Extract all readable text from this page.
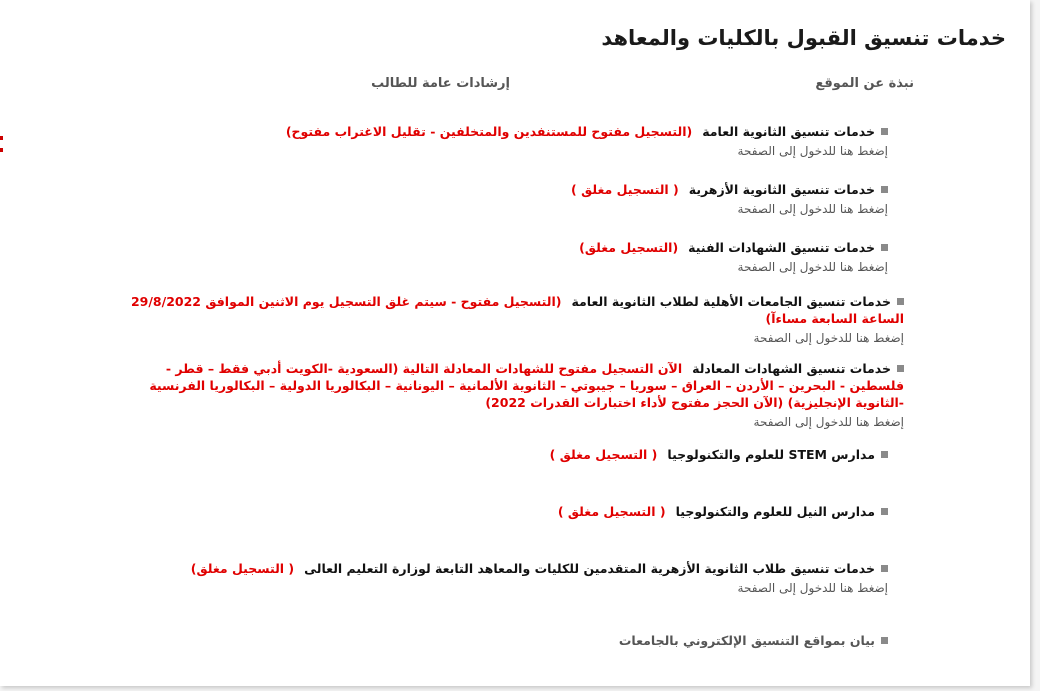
خدمات تنسيق القبول بالكليات والمعاهد
نبذة عن الموقع
إرشادات عامة للطالب
خدمات تنسيق الثانوية العامة(التسجيل مفتوح للمستنفدين والمتخلفين - تقليل الاغتراب مفتوح)
إضغط هنا للدخول إلى الصفحة
خدمات تنسيق الثانوية الأزهرية( التسجيل مغلق )
إضغط هنا للدخول إلى الصفحة
خدمات تنسيق الشهادات الفنية(التسجيل مغلق)
إضغط هنا للدخول إلى الصفحة
خدمات تنسيق الجامعات الأهلية لطلاب الثانوية العامة(التسجيل مفتوح - سيتم غلق التسجيل يوم الاثنين الموافق 29/8/2022 الساعة السابعة مساءآ)
إضغط هنا للدخول إلى الصفحة
خدمات تنسيق الشهادات المعادلةالآن التسجيل مفتوح للشهادات المعادلة التالية (السعودية -الكويت أدبي فقط – قطر - فلسطين - البحرين – الأردن – العراق – سوريا – جيبوتي – الثانوية الألمانية – اليونانية – البكالوريا الدولية – البكالوريا الفرنسية -الثانوية الإنجليزية) (الآن الحجز مفتوح لأداء اختبارات القدرات 2022)
إضغط هنا للدخول إلى الصفحة
مدارس STEM للعلوم والتكنولوجيا( التسجيل مغلق )
مدارس النيل للعلوم والتكنولوجيا( التسجيل مغلق )
خدمات تنسيق طلاب الثانوية الأزهرية المتقدمين للكليات والمعاهد التابعة لوزارة التعليم العالى( التسجيل مغلق)
إضغط هنا للدخول إلى الصفحة
بيان بمواقع التنسيق الإلكتروني بالجامعات
